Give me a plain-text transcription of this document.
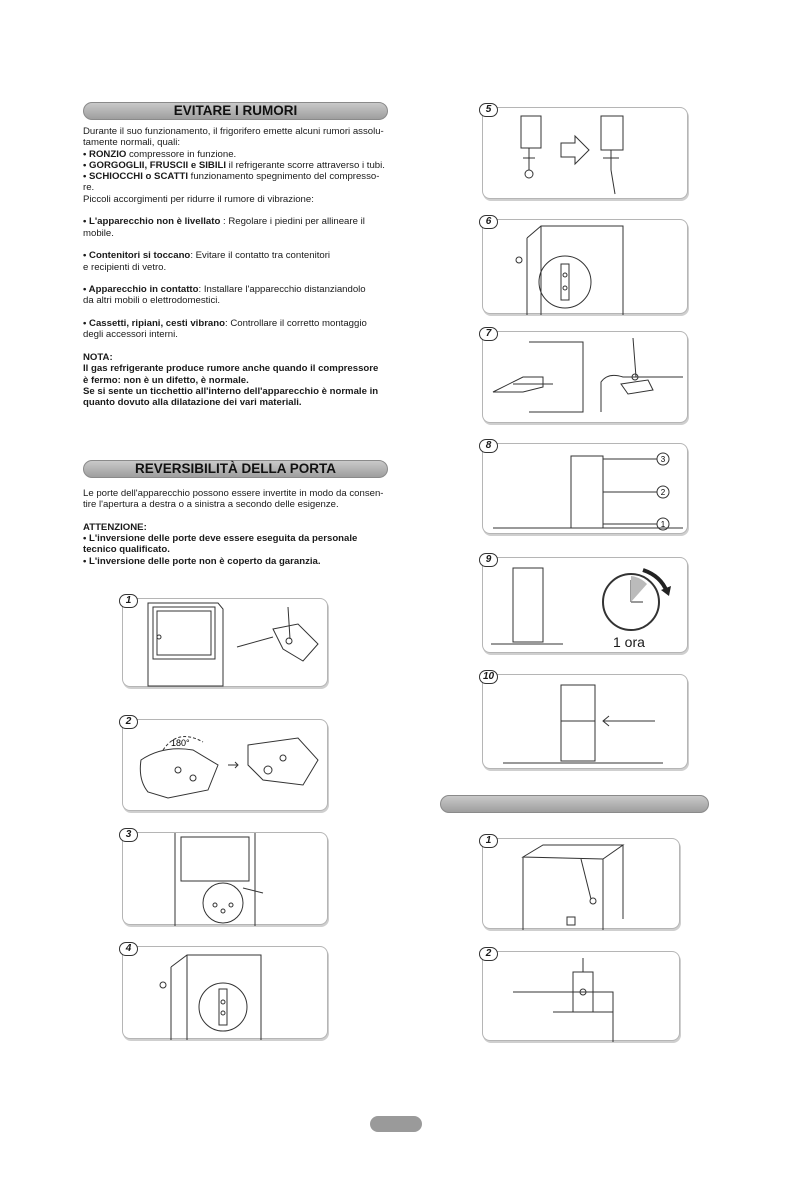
EVITARE I RUMORI

Durante il suo funzionamento, il frigorifero emette alcuni rumori assolu-

tamente normali, quali:

• RONZIO compressore in funzione.

• GORGOGLII, FRUSCII e SIBILI il refrigerante scorre attraverso i tubi.

• SCHIOCCHI o SCATTI funzionamento spegnimento del compresso-

re.

Piccoli accorgimenti per ridurre il rumore di vibrazione:

• L'apparecchio non è livellato : Regolare i piedini per allineare il

mobile.

• Contenitori si toccano: Evitare il contatto tra contenitori

e recipienti di vetro.

• Apparecchio in contatto: Installare l'apparecchio distanziandolo

da altri mobili o elettrodomestici.

• Cassetti, ripiani, cesti vibrano: Controllare il corretto montaggio

degli accessori interni.

NOTA:

Il gas refrigerante produce rumore anche quando il compressore

è fermo: non è un difetto, è normale.

Se si sente un ticchettio all'interno dell'apparecchio è normale in

quanto dovuto alla dilatazione dei vari materiali.

REVERSIBILITÀ DELLA PORTA

Le porte dell'apparecchio possono essere invertite in modo da consen-

tire l'apertura a destra o a sinistra a secondo delle esigenze.

ATTENZIONE:

• L'inversione delle porte deve essere eseguita da personale

tecnico qualificato.

• L'inversione delle porte non è coperto da garanzia.

1
180°
2
3
4
5
6
7
3
2
1
8
1 ora
9
10
1
2
